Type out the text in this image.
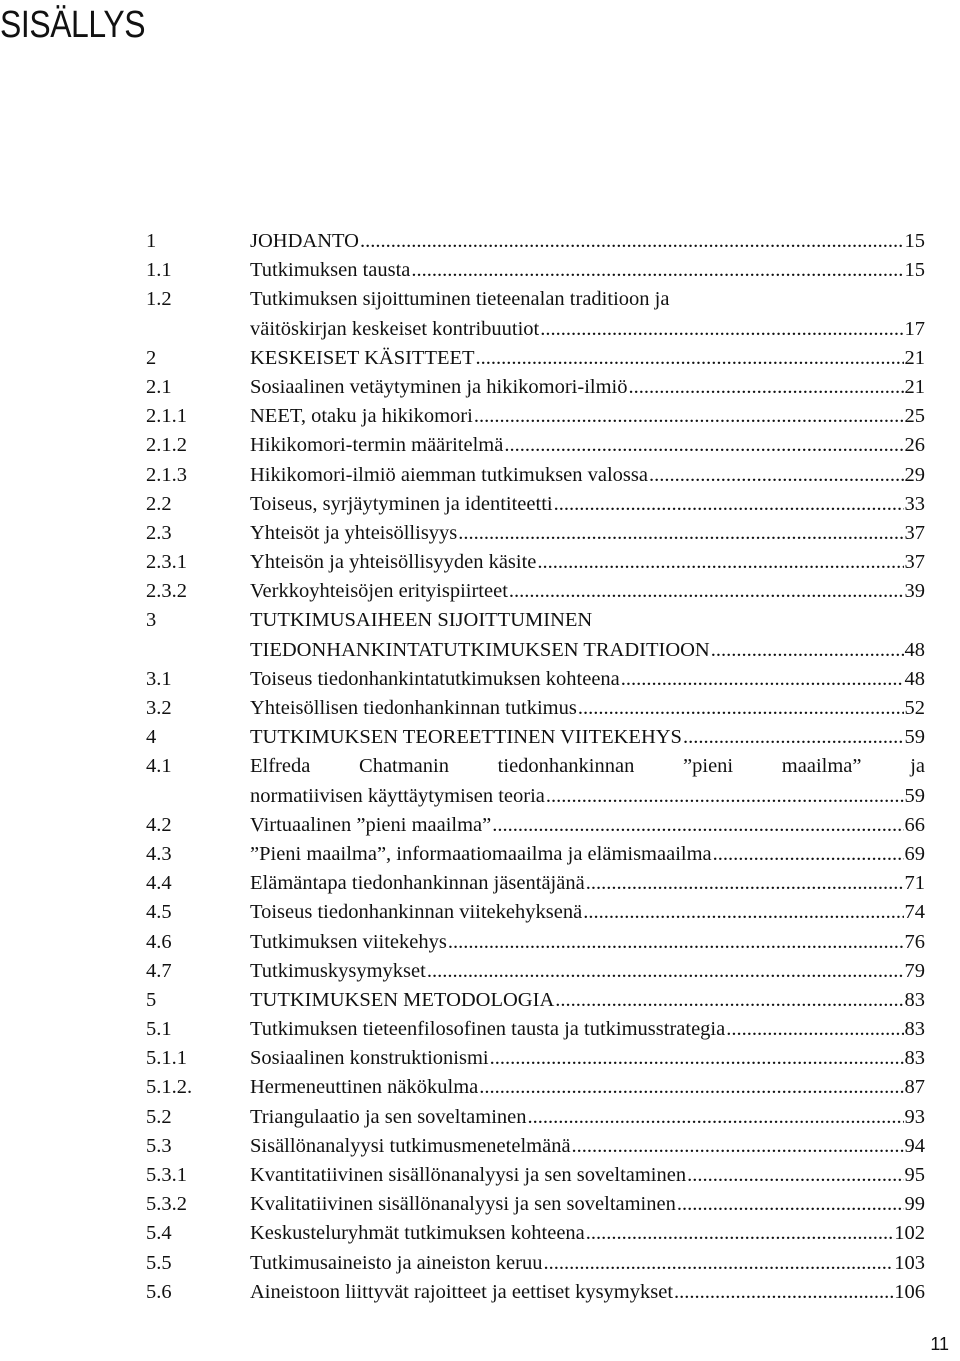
SISÄLLYS
1	JOHDANTO .....	15
1.1	Tutkimuksen tausta .....	15
1.2	Tutkimuksen sijoittuminen tieteenalan traditioon ja
väitöskirjan keskeiset kontribuutiot .....	17
2	KESKEISET KÄSITTEET .....	21
2.1	Sosiaalinen vetäytyminen ja hikikomori-ilmiö .....	21
2.1.1	NEET, otaku ja hikikomori .....	25
2.1.2	Hikikomori-termin määritelmä .....	26
2.1.3	Hikikomori-ilmiö aiemman tutkimuksen valossa .....	29
2.2	Toiseus, syrjäytyminen ja identiteetti .....	33
2.3	Yhteisöt ja yhteisöllisyys .....	37
2.3.1	Yhteisön ja yhteisöllisyyden käsite .....	37
2.3.2	Verkkoyhteisöjen erityispiirteet .....	39
3	TUTKIMUSAIHEEN SIJOITTUMINEN
TIEDONHANKINTATUTKIMUKSEN TRADITIOON .....	48
3.1	Toiseus tiedonhankintatutkimuksen kohteena .....	48
3.2	Yhteisöllisen tiedonhankinnan tutkimus .....	52
4	TUTKIMUKSEN TEOREETTINEN VIITEKEHYS .....	59
4.1	Elfreda Chatmanin tiedonhankinnan ”pieni maailma” ja
normatiivisen käyttäytymisen teoria .....	59
4.2	Virtuaalinen ”pieni maailma” .....	66
4.3	”Pieni maailma”, informaatiomaailma ja elämismaailma .....	69
4.4	Elämäntapa tiedonhankinnan jäsentäjänä .....	71
4.5	Toiseus tiedonhankinnan viitekehyksenä .....	74
4.6	Tutkimuksen viitekehys .....	76
4.7	Tutkimuskysymykset .....	79
5	TUTKIMUKSEN METODOLOGIA .....	83
5.1	Tutkimuksen tieteenfilosofinen tausta ja tutkimusstrategia .....	83
5.1.1	Sosiaalinen konstruktionismi .....	83
5.1.2.	Hermeneuttinen näkökulma .....	87
5.2	Triangulaatio ja sen soveltaminen .....	93
5.3	Sisällönanalyysi tutkimusmenetelmänä .....	94
5.3.1	Kvantitatiivinen sisällönanalyysi ja sen soveltaminen .....	95
5.3.2	Kvalitatiivinen sisällönanalyysi ja sen soveltaminen .....	99
5.4	Keskusteluryhmät tutkimuksen kohteena .....	102
5.5	Tutkimusaineisto ja aineiston keruu .....	103
5.6	Aineistoon liittyvät rajoitteet ja eettiset kysymykset .....	106
11
